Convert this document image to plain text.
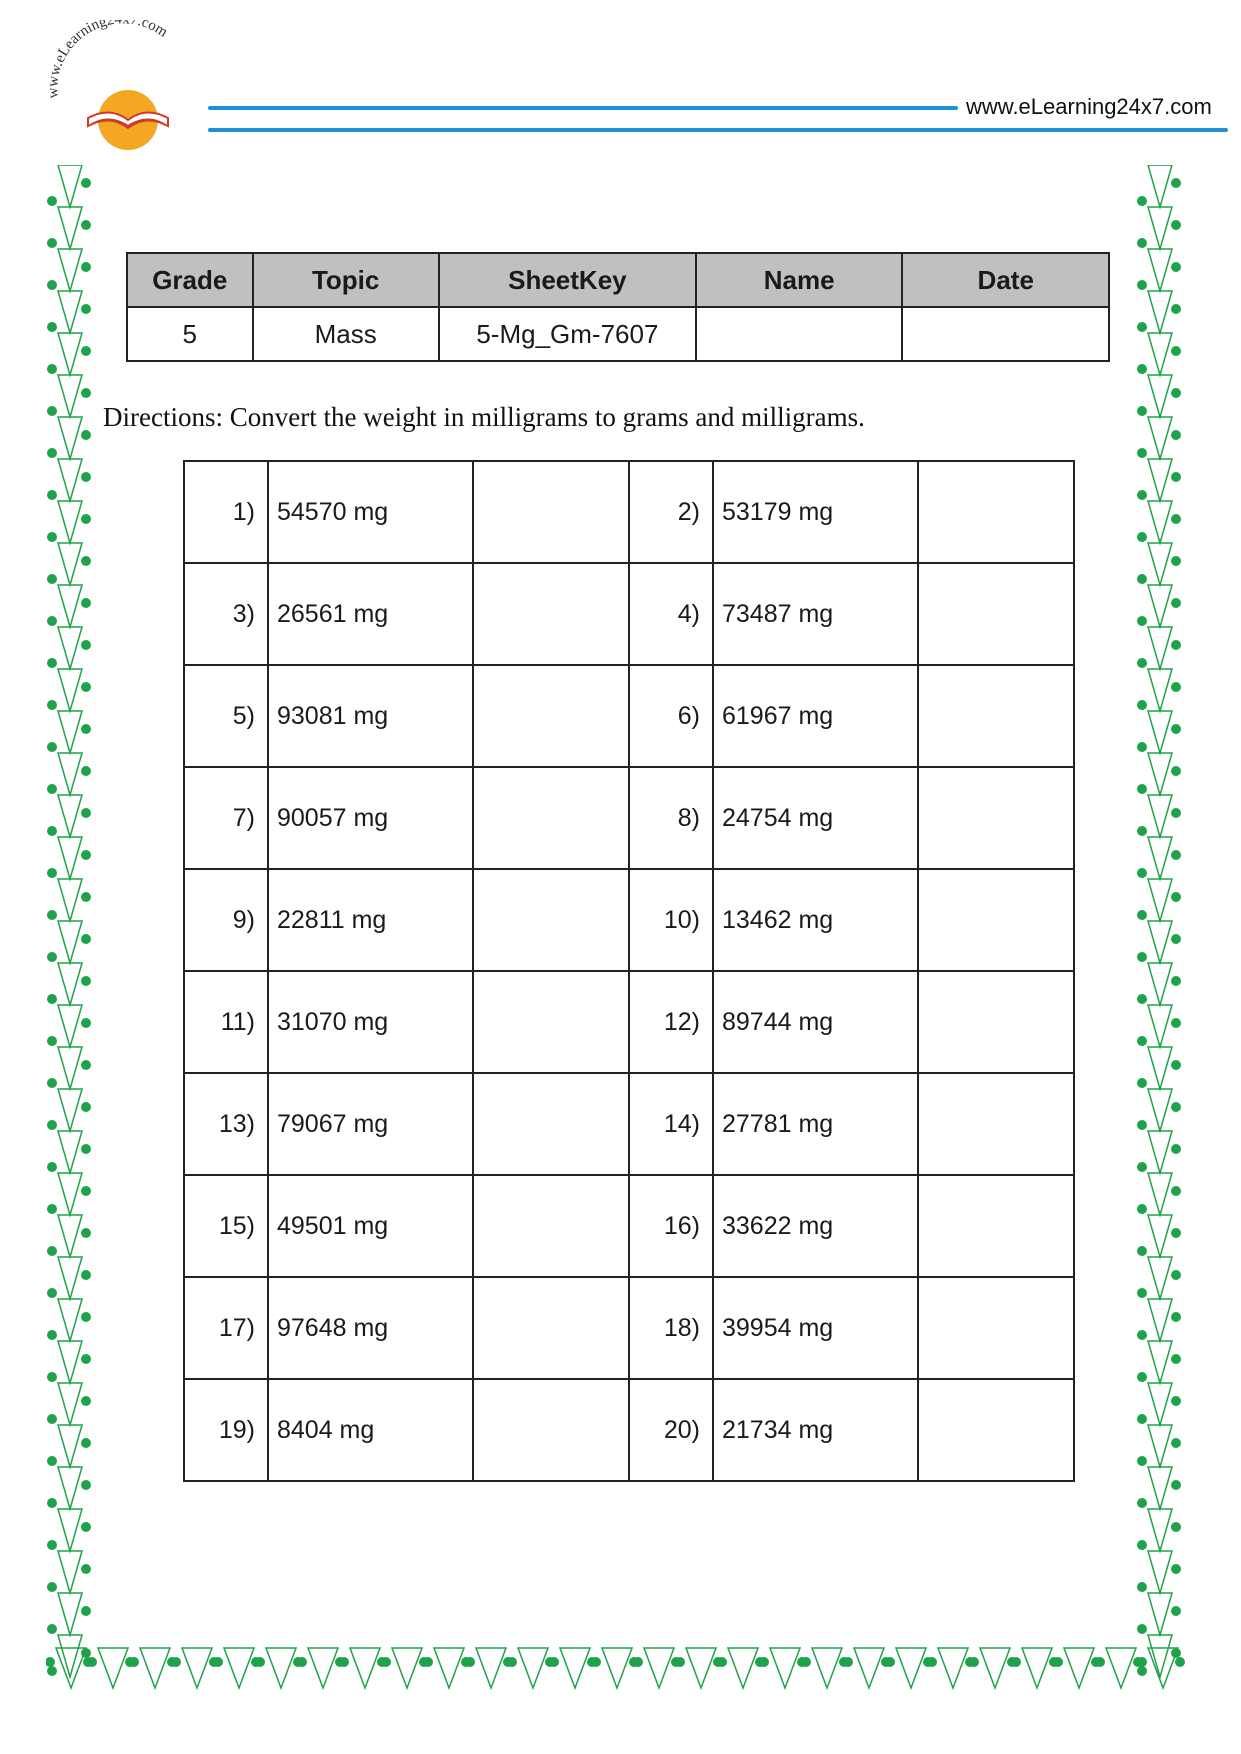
www.eLearning2 7.com
www.eLearning24x7.com
Grade	Topic	SheetKey	Name	Date
5	Mass	5-Mg_Gm-7607		
Directions: Convert the weight in milligrams to grams and milligrams.
1)	54570 mg		2)	53179 mg	
3)	26561 mg		4)	73487 mg	
5)	93081 mg		6)	61967 mg	
7)	90057 mg		8)	24754 mg	
9)	22811 mg		10)	13462 mg	
11)	31070 mg		12)	89744 mg	
13)	79067 mg		14)	27781 mg	
15)	49501 mg		16)	33622 mg	
17)	97648 mg		18)	39954 mg	
19)	8404 mg		20)	21734 mg	
